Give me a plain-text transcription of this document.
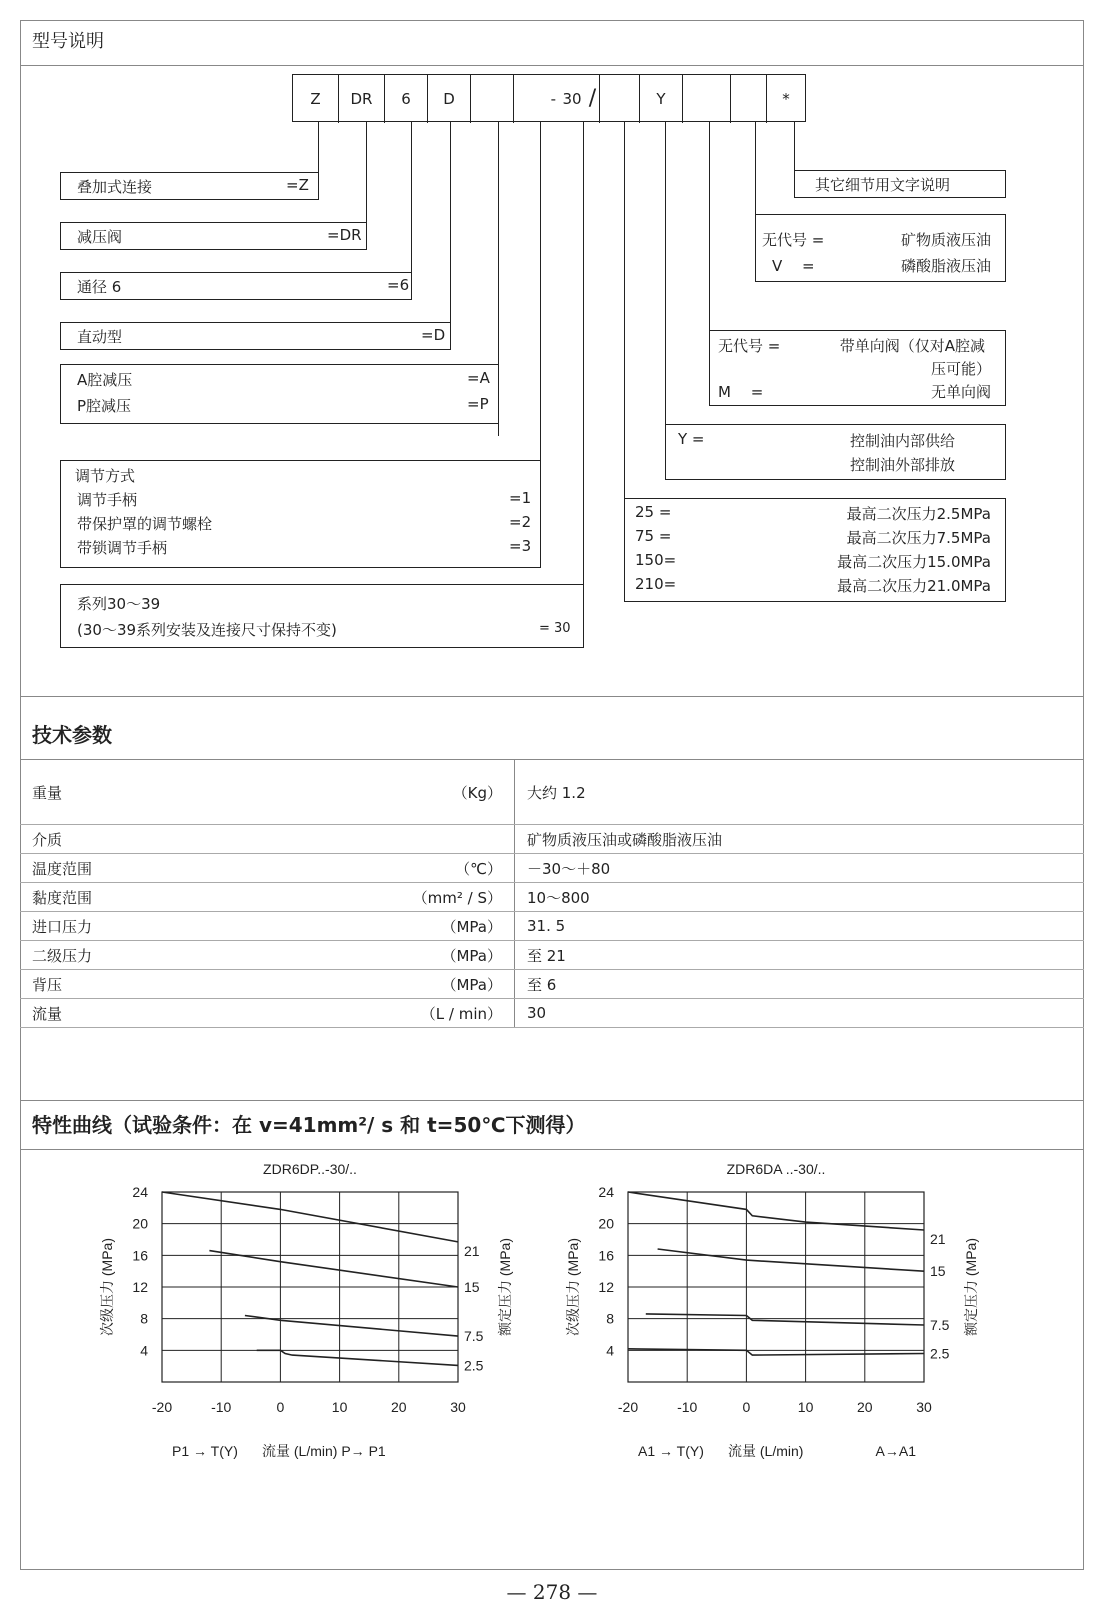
型号说明
Z	DR	6	D	- 30 /	Y	*
叠加式连接	=Z
减压阀	=DR
通径 6	=6
直动型	=D
A腔减压	=A
P腔减压	=P
调节方式
调节手柄	=1
带保护罩的调节螺栓	=2
带锁调节手柄	=3
系列30～39
(30～39系列安装及连接尺寸保持不变)	= 30
其它细节用文字说明
无代号 =	矿物质液压油
V　 =	磷酸脂液压油
无代号 =	带单向阀（仅对A腔减
压可能）
M　 =	无单向阀
Y =	控制油内部供给
控制油外部排放
25 =	最高二次压力2.5MPa
75 =	最高二次压力7.5MPa
150=	最高二次压力15.0MPa
210=	最高二次压力21.0MPa
技术参数
重量 （Kg）	大约 1.2
介质	矿物质液压油或磷酸脂液压油
温度范围 （℃）	－30～＋80
黏度范围 （mm² / S）	10～800
进口压力 （MPa）	31. 5
二级压力 （MPa）	至 21
背压 （MPa）	至 6
流量 （L / min）	30
特性曲线（试验条件：在 v=41mm²/ s 和 t=50℃下测得）
-20	-10	0	10	20	30
4
8
12
16
20
24
21
15
7.5
2.5
ZDR6DP..-30/..
次级压力 (MPa)	额定压力 (MPa)
P1 → T(Y) 流量 (L/min) P→ P1
-20	-10	0	10	20	30
4
8
12
16
20
24
21
15
7.5
2.5
ZDR6DA ..-30/..
次级压力 (MPa)	额定压力 (MPa)
A1 → T(Y) 流量 (L/min)	A→A1
— 278 —
